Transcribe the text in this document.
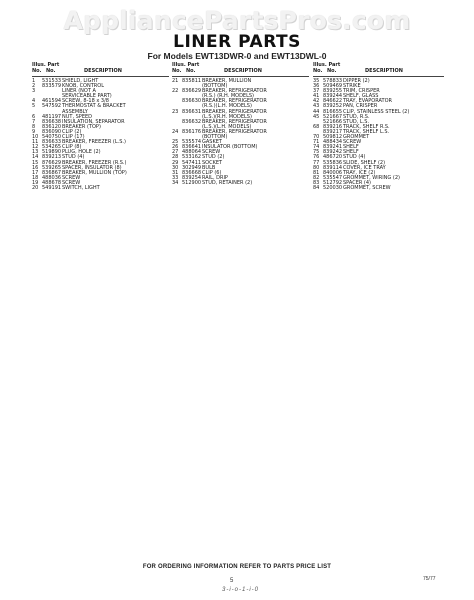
AppliancePartsPros.com
LINER PARTS
For Models EWT13DWR-0 and EWT13DWL-0
Illus. Part
No. No.	DESCRIPTION
1	531533 SHIELD, LIGHT
2	833579 KNOB, CONTROL
3	LINER (NOT A
SERVICEABLE PART)
4	461594 SCREW, 8-18 x 3/8
5	547592 THERMOSTAT & BRACKET
ASSEMBLY
6	481197 NUT, SPEED
7	836638 INSULATION, SEPARATOR
8	836120 BREAKER (TOP)
9	836090 CLIP (2)
10 540750 CLIP (17)
11 836633 BREAKER, FREEZER (L.S.)
12 534265 CLIP (8)
13 519890 PLUG, HOLE (2)
14 839213 STUD (4)
15 876629 BREAKER, FREEZER (R.S.)
16 539265 SPACER, INSULATOR (8)
17 836867 BREAKER, MULLION (TOP)
18 488036 SCREW
19 488678 SCREW
20 549191 SWITCH, LIGHT
Illus. Part
No. No.	DESCRIPTION
21 835811 BREAKER, MULLION
(BOTTOM)
22 836629 BREAKER, REFRIGERATOR
(R.S.) (R.H. MODELS)
836630 BREAKER, REFRIGERATOR
(R.S.)(L.H. MODELS)
23 836631 BREAKER, REFRIGERATOR
(L.S.)(R.H. MODELS)
836632 BREAKER, REFRIGERATOR
(L.S.)(L.H. MODELS)
24 836176 BREAKER, REFRIGERATOR
(BOTTOM)
25 535574 GASKET
26 836641 INSULATOR (BOTTOM)
27 488064 SCREW
28 533162 STUD (2)
29 547411 SOCKET
30 302949 BULB
31 836668 CLIP (6)
33 839254 RAIL, DRIP
34 512900 STUD, RETAINER (2)
Illus. Part
No. No.	DESCRIPTION
35 578833 DIPPER (2)
36 509469 STRIKE
37 839255 TRIM, CRISPER
41 839244 SHELF, GLASS
42 846622 TRAY, EVAPORATOR
43 839252 PAN, CRISPER
44 816655 CLIP, STAINLESS STEEL (2)
45 521667 STUD, R.S.
521666 STUD, L.S.
68 839216 TRACK, SHELF R.S.
839217 TRACK, SHELF L.S.
70 509812 GROMMET
71 488434 SCREW
74 839241 SHELF
75 839242 SHELF
76 486720 STUD (4)
77 535836 SLIDE, SHELF (2)
80 839114 COVER, ICE TRAY
81 840006 TRAY, ICE (2)
82 535547 GROMMET, WIRING (2)
83 512792 SPACER (4)
84 520030 GROMMET, SCREW
FOR ORDERING INFORMATION REFER TO PARTS PRICE LIST
5	75/77
3-i-o-1-i-0
